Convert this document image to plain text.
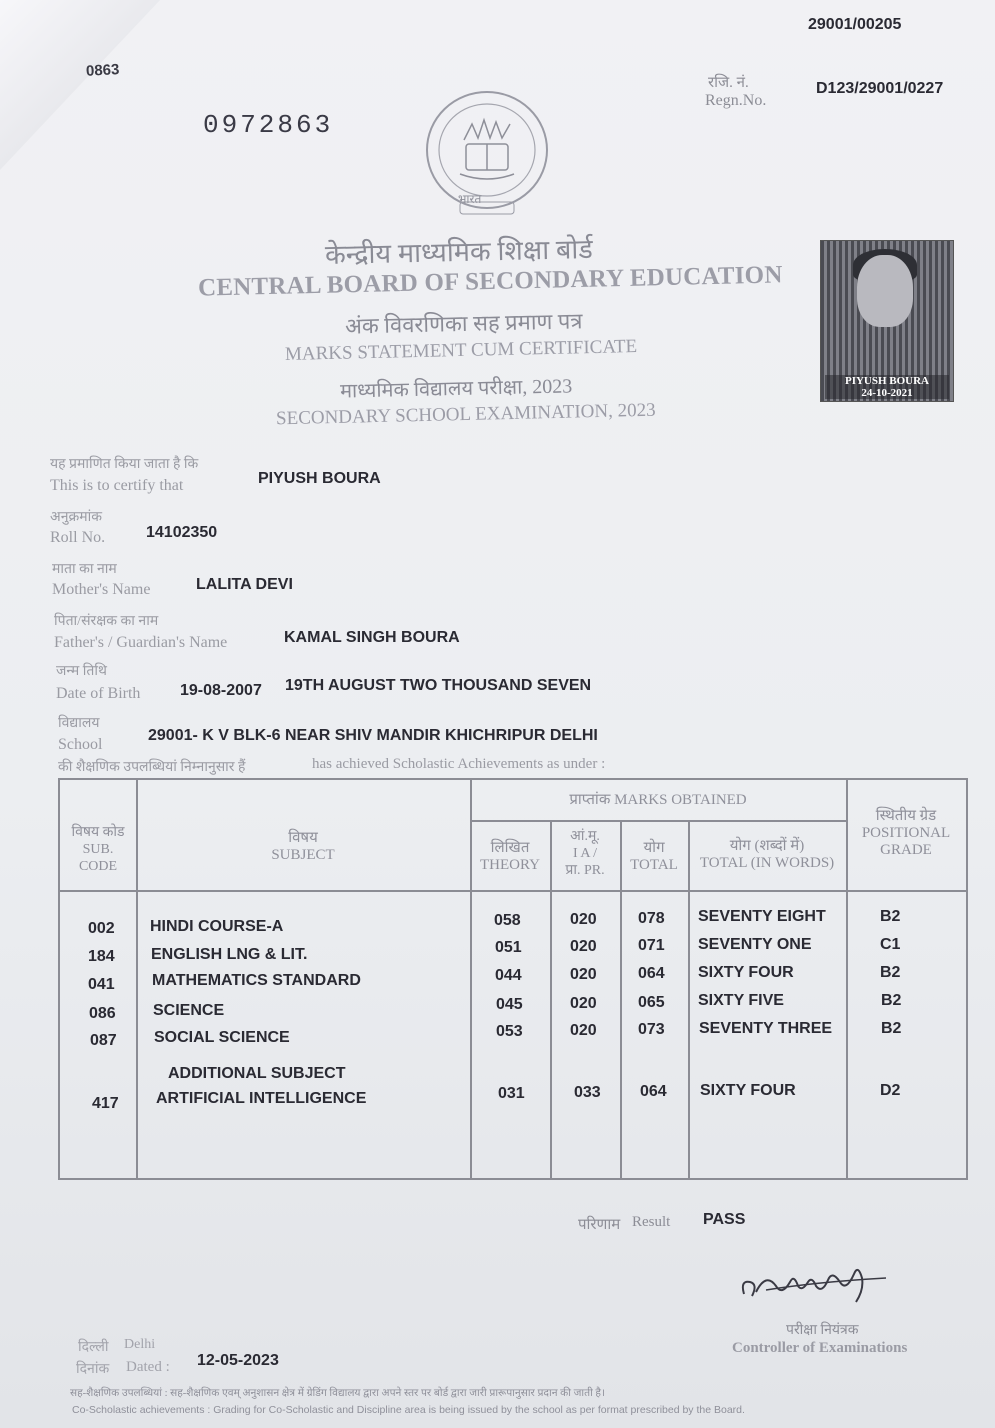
29001/00205
0863
0972863
रजि. नं.
Regn.No.
D123/29001/0227
भारत
केन्द्रीय माध्यमिक शिक्षा बोर्ड
CENTRAL BOARD OF SECONDARY EDUCATION
अंक विवरणिका सह प्रमाण पत्र
MARKS STATEMENT CUM CERTIFICATE
माध्यमिक विद्यालय परीक्षा, 2023
SECONDARY SCHOOL EXAMINATION, 2023
PIYUSH BOURA
24-10-2021
यह प्रमाणित किया जाता है कि
This is to certify that	PIYUSH BOURA
अनुक्रमांक
Roll No.	14102350
माता का नाम
Mother's Name	LALITA DEVI
पिता/संरक्षक का नाम
Father's / Guardian's Name	KAMAL SINGH BOURA
जन्म तिथि
Date of Birth 19-08-2007 19TH AUGUST TWO THOUSAND SEVEN
विद्यालय
School
29001- K V BLK-6 NEAR SHIV MANDIR KHICHRIPUR DELHI
की शैक्षणिक उपलब्धियां निम्नानुसार हैं	has achieved Scholastic Achievements as under :
विषय कोड
SUB.
CODE
विषय
SUBJECT
प्राप्तांक MARKS OBTAINED
लिखित
THEORY
आं.मू.
I A /
प्रा. PR.
योग
TOTAL
योग (शब्दों में)
TOTAL (IN WORDS)
स्थितीय ग्रेड
POSITIONAL
GRADE
002 HINDI COURSE-A	058	020	078 SEVENTY EIGHT	B2
184 ENGLISH LNG & LIT.	051	020	071 SEVENTY ONE	C1
041 MATHEMATICS STANDARD	044	020	064 SIXTY FOUR	B2
086 SCIENCE	045	020	065 SIXTY FIVE	B2
087 SOCIAL SCIENCE	053	020	073 SEVENTY THREE	B2
ADDITIONAL SUBJECT
417 ARTIFICIAL INTELLIGENCE	031	033 064 SIXTY FOUR	D2
परिणाम Result PASS
परीक्षा नियंत्रक
Controller of Examinations
दिल्ली Delhi
दिनांक Dated : 12-05-2023
सह-शैक्षणिक उपलब्धियां : सह-शैक्षणिक एवम् अनुशासन क्षेत्र में ग्रेडिंग विद्यालय द्वारा अपने स्तर पर बोर्ड द्वारा जारी प्रारूपानुसार प्रदान की जाती है।
Co-Scholastic achievements : Grading for Co-Scholastic and Discipline area is being issued by the school as per format prescribed by the Board.
